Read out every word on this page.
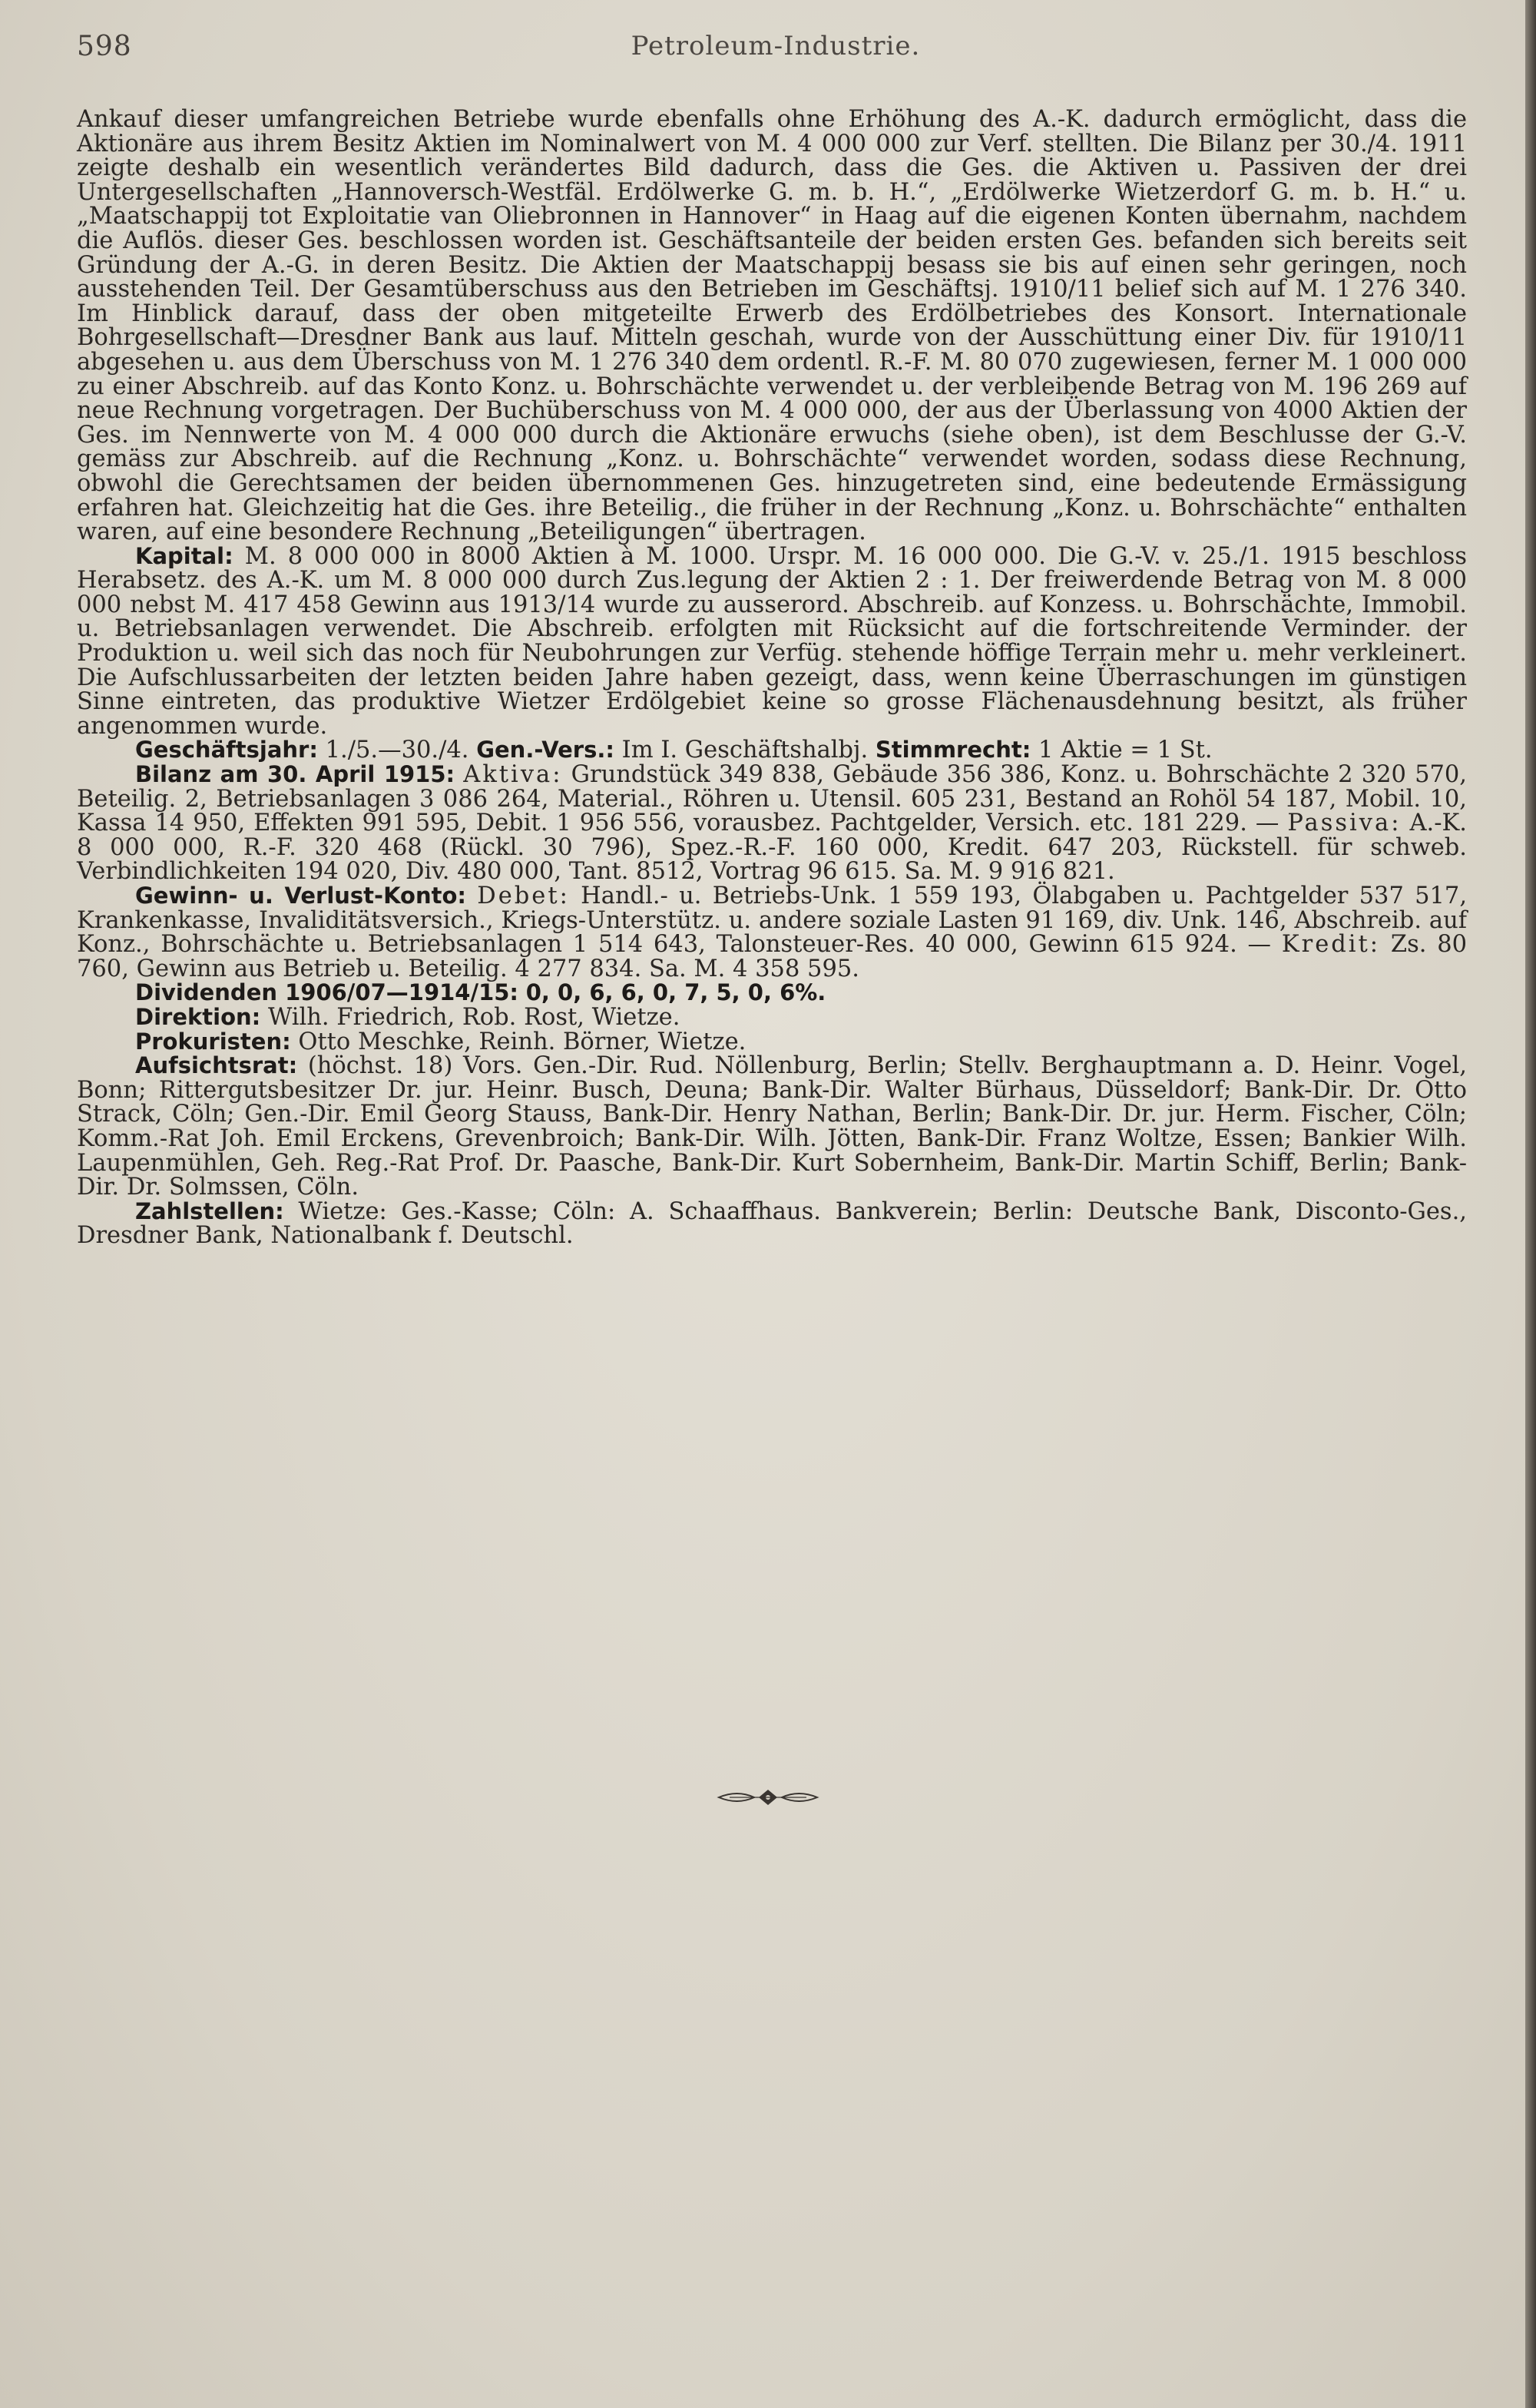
598	Petroleum-Industrie.

Ankauf dieser umfangreichen Betriebe wurde ebenfalls ohne Erhöhung des A.-K. dadurch ermöglicht, dass die Aktionäre aus ihrem Besitz Aktien im Nominalwert von M. 4 000 000 zur Verf. stellten. Die Bilanz per 30./4. 1911 zeigte deshalb ein wesentlich verändertes Bild dadurch, dass die Ges. die Aktiven u. Passiven der drei Untergesellschaften „Hannoversch-Westfäl. Erdölwerke G. m. b. H.“, „Erdölwerke Wietzerdorf G. m. b. H.“ u. „Maatschappij tot Exploitatie van Oliebronnen in Hannover“ in Haag auf die eigenen Konten übernahm, nachdem die Auflös. dieser Ges. beschlossen worden ist. Geschäftsanteile der beiden ersten Ges. befanden sich bereits seit Gründung der A.-G. in deren Besitz. Die Aktien der Maatschappij besass sie bis auf einen sehr geringen, noch ausstehenden Teil. Der Gesamtüberschuss aus den Betrieben im Geschäftsj. 1910/11 belief sich auf M. 1 276 340. Im Hinblick darauf, dass der oben mitgeteilte Erwerb des Erdölbetriebes des Konsort. Internationale Bohrgesellschaft—Dresdner Bank aus lauf. Mitteln geschah, wurde von der Ausschüttung einer Div. für 1910/11 abgesehen u. aus dem Überschuss von M. 1 276 340 dem ordentl. R.-F. M. 80 070 zugewiesen, ferner M. 1 000 000 zu einer Abschreib. auf das Konto Konz. u. Bohrschächte verwendet u. der verbleibende Betrag von M. 196 269 auf neue Rechnung vorgetragen. Der Buchüberschuss von M. 4 000 000, der aus der Überlassung von 4000 Aktien der Ges. im Nennwerte von M. 4 000 000 durch die Aktionäre erwuchs (siehe oben), ist dem Beschlusse der G.-V. gemäss zur Abschreib. auf die Rechnung „Konz. u. Bohrschächte“ verwendet worden, sodass diese Rechnung, obwohl die Gerechtsamen der beiden übernommenen Ges. hinzugetreten sind, eine bedeutende Ermässigung erfahren hat. Gleichzeitig hat die Ges. ihre Beteilig., die früher in der Rechnung „Konz. u. Bohrschächte“ enthalten waren, auf eine besondere Rechnung „Beteiligungen“ übertragen.

Kapital: M. 8 000 000 in 8000 Aktien à M. 1000. Urspr. M. 16 000 000. Die G.-V. v. 25./1. 1915 beschloss Herabsetz. des A.-K. um M. 8 000 000 durch Zus.legung der Aktien 2 : 1. Der freiwerdende Betrag von M. 8 000 000 nebst M. 417 458 Gewinn aus 1913/14 wurde zu ausserord. Abschreib. auf Konzess. u. Bohrschächte, Immobil. u. Betriebsanlagen verwendet. Die Abschreib. erfolgten mit Rücksicht auf die fortschreitende Verminder. der Produktion u. weil sich das noch für Neubohrungen zur Verfüg. stehende höffige Terrain mehr u. mehr verkleinert. Die Aufschlussarbeiten der letzten beiden Jahre haben gezeigt, dass, wenn keine Überraschungen im günstigen Sinne eintreten, das produktive Wietzer Erdölgebiet keine so grosse Flächenausdehnung besitzt, als früher angenommen wurde.

Geschäftsjahr: 1./5.—30./4. Gen.-Vers.: Im I. Geschäftshalbj. Stimmrecht: 1 Aktie = 1 St.

Bilanz am 30. April 1915: Aktiva: Grundstück 349 838, Gebäude 356 386, Konz. u. Bohrschächte 2 320 570, Beteilig. 2, Betriebsanlagen 3 086 264, Material., Röhren u. Utensil. 605 231, Bestand an Rohöl 54 187, Mobil. 10, Kassa 14 950, Effekten 991 595, Debit. 1 956 556, vorausbez. Pachtgelder, Versich. etc. 181 229. — Passiva: A.-K. 8 000 000, R.-F. 320 468 (Rückl. 30 796), Spez.-R.-F. 160 000, Kredit. 647 203, Rückstell. für schweb. Verbindlichkeiten 194 020, Div. 480 000, Tant. 8512, Vortrag 96 615. Sa. M. 9 916 821.

Gewinn- u. Verlust-Konto: Debet: Handl.- u. Betriebs-Unk. 1 559 193, Ölabgaben u. Pachtgelder 537 517, Krankenkasse, Invaliditätsversich., Kriegs-Unterstütz. u. andere soziale Lasten 91 169, div. Unk. 146, Abschreib. auf Konz., Bohrschächte u. Betriebsanlagen 1 514 643, Talonsteuer-Res. 40 000, Gewinn 615 924. — Kredit: Zs. 80 760, Gewinn aus Betrieb u. Beteilig. 4 277 834. Sa. M. 4 358 595.

Dividenden 1906/07—1914/15: 0, 0, 6, 6, 0, 7, 5, 0, 6%.

Direktion: Wilh. Friedrich, Rob. Rost, Wietze.

Prokuristen: Otto Meschke, Reinh. Börner, Wietze.

Aufsichtsrat: (höchst. 18) Vors. Gen.-Dir. Rud. Nöllenburg, Berlin; Stellv. Berghauptmann a. D. Heinr. Vogel, Bonn; Rittergutsbesitzer Dr. jur. Heinr. Busch, Deuna; Bank-Dir. Walter Bürhaus, Düsseldorf; Bank-Dir. Dr. Otto Strack, Cöln; Gen.-Dir. Emil Georg Stauss, Bank-Dir. Henry Nathan, Berlin; Bank-Dir. Dr. jur. Herm. Fischer, Cöln; Komm.-Rat Joh. Emil Erckens, Grevenbroich; Bank-Dir. Wilh. Jötten, Bank-Dir. Franz Woltze, Essen; Bankier Wilh. Laupenmühlen, Geh. Reg.-Rat Prof. Dr. Paasche, Bank-Dir. Kurt Sobernheim, Bank-Dir. Martin Schiff, Berlin; Bank-Dir. Dr. Solmssen, Cöln.

Zahlstellen: Wietze: Ges.-Kasse; Cöln: A. Schaaffhaus. Bankverein; Berlin: Deutsche Bank, Disconto-Ges., Dresdner Bank, Nationalbank f. Deutschl.
